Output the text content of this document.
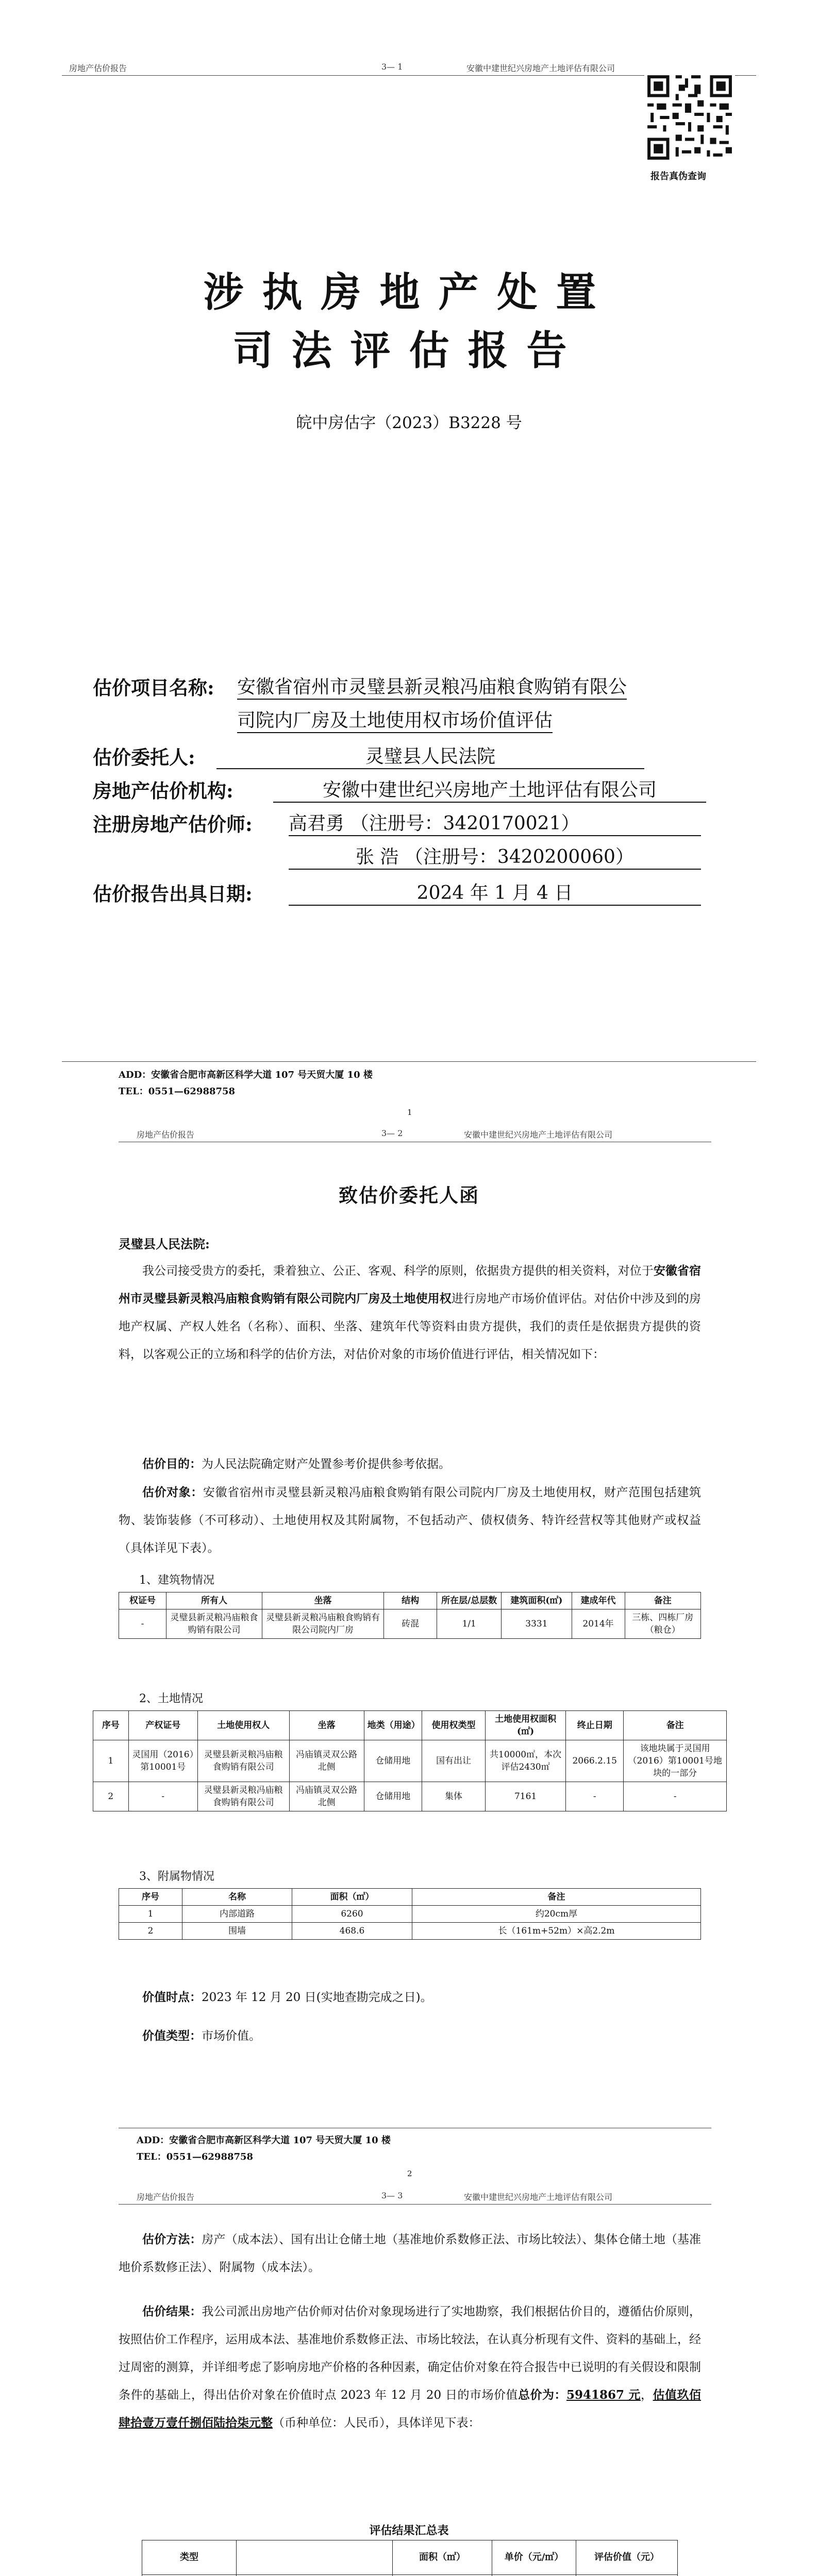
房地产估价报告	3— 1	安徽中建世纪兴房地产土地评估有限公司
报告真伪查询
涉执房地产处置
司法评估报告
皖中房估字（2023）B3228 号
估价项目名称: 安徽省宿州市灵璧县新灵粮冯庙粮食购销有限公
司院内厂房及土地使用权市场价值评估
估价委托人:	灵璧县人民法院
房地产估价机构:	安徽中建世纪兴房地产土地评估有限公司
注册房地产估价师: 高君勇 （注册号：3420170021）
张 浩 （注册号：3420200060）
估价报告出具日期:	2024 年 1 月 4 日
ADD：安徽省合肥市高新区科学大道 107 号天贸大厦 10 楼
TEL：0551—62988758
1
房地产估价报告	3— 2	安徽中建世纪兴房地产土地评估有限公司
致估价委托人函
灵璧县人民法院:
我公司接受贵方的委托，秉着独立、公正、客观、科学的原则，依据贵方提供的相关资料，对位于安徽省宿州市灵璧县新灵粮冯庙粮食购销有限公司院内厂房及土地使用权进行房地产市场价值评估。对估价中涉及到的房地产权属、产权人姓名（名称）、面积、坐落、建筑年代等资料由贵方提供，我们的责任是依据贵方提供的资料，以客观公正的立场和科学的估价方法，对估价对象的市场价值进行评估，相关情况如下：
估价目的：为人民法院确定财产处置参考价提供参考依据。
估价对象：安徽省宿州市灵璧县新灵粮冯庙粮食购销有限公司院内厂房及土地使用权，财产范围包括建筑物、装饰装修（不可移动）、土地使用权及其附属物，不包括动产、债权债务、特许经营权等其他财产或权益（具体详见下表）。
1、建筑物情况
权证号	所有人	坐落	结构	所在层/总层数	建筑面积(㎡)	建成年代	备注
-	灵璧县新灵粮冯庙粮食购销有限公司	灵璧县新灵粮冯庙粮食购销有限公司院内厂房	砖混	1/1	3331	2014年	三栋、四栋厂房（粮仓）
2、土地情况
序号	产权证号	土地使用权人	坐落	地类（用途）	使用权类型	土地使用权面积(㎡)	终止日期	备注
1	灵国用（2016）第10001号	灵璧县新灵粮冯庙粮食购销有限公司	冯庙镇灵双公路北侧	仓储用地	国有出让	共10000㎡，本次评估2430㎡	2066.2.15	该地块属于灵国用（2016）第10001号地块的一部分
2	-	灵璧县新灵粮冯庙粮食购销有限公司	冯庙镇灵双公路北侧	仓储用地	集体	7161	-	-
3、附属物情况
序号	名称	面积（㎡）	备注
1	内部道路	6260	约20cm厚
2	围墙	468.6	长（161m+52m）×高2.2m
价值时点：2023 年 12 月 20 日(实地查勘完成之日)。
价值类型：市场价值。
ADD：安徽省合肥市高新区科学大道 107 号天贸大厦 10 楼
TEL：0551—62988758
2
房地产估价报告	3— 3	安徽中建世纪兴房地产土地评估有限公司
估价方法：房产（成本法）、国有出让仓储土地（基准地价系数修正法、市场比较法）、集体仓储土地（基准地价系数修正法）、附属物（成本法）。
估价结果：我公司派出房地产估价师对估价对象现场进行了实地勘察，我们根据估价目的，遵循估价原则，按照估价工作程序，运用成本法、基准地价系数修正法、市场比较法，在认真分析现有文件、资料的基础上，经过周密的测算，并详细考虑了影响房地产价格的各种因素，确定估价对象在符合报告中已说明的有关假设和限制条件的基础上，得出估价对象在价值时点 2023 年 12 月 20 日的市场价值总价为：5941867 元，估值玖佰肆拾壹万壹仟捌佰陆拾柒元整（币种单位：人民币），具体详见下表：
评估结果汇总表
类型		面积（㎡）	单价（元/㎡）	评估价值（元）
